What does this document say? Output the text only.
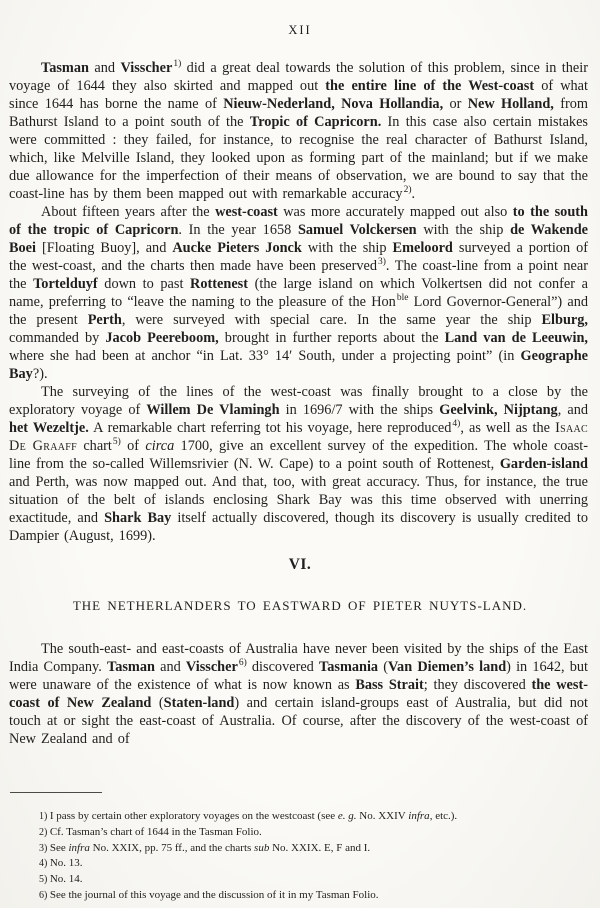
XII

Tasman and Visscher$^{1)}$ did a great deal towards the solution of this problem, since in their voyage of 1644 they also skirted and mapped out the entire line of the West-coast of what since 1644 has borne the name of Nieuw-Nederland, Nova Hollandia, or New Holland, from Bathurst Island to a point south of the Tropic of Capricorn. In this case also certain mistakes were committed : they failed, for instance, to recognise the real character of Bathurst Island, which, like Melville Island, they looked upon as forming part of the mainland; but if we make due allowance for the imperfection of their means of observation, we are bound to say that the coast-line has by them been mapped out with remarkable accuracy$^{2)}$.

About fifteen years after the west-coast was more accurately mapped out also to the south of the tropic of Capricorn. In the year 1658 Samuel Volckersen with the ship de Wakende Boei [Floating Buoy], and Aucke Pieters Jonck with the ship Emeloord surveyed a portion of the west-coast, and the charts then made have been preserved$^{3)}$. The coast-line from a point near the Tortelduyf down to past Rottenest (the large island on which Volkertsen did not confer a name, preferring to “leave the naming to the pleasure of the Hon$^{ble}$ Lord Governor-General”) and the present Perth, were surveyed with special care. In the same year the ship Elburg, commanded by Jacob Peereboom, brought in further reports about the Land van de Leeuwin, where she had been at anchor “in Lat. 33° 14′ South, under a projecting point” (in Geographe Bay?).

The surveying of the lines of the west-coast was finally brought to a close by the exploratory voyage of Willem De Vlamingh in 1696/7 with the ships Geelvink, Nijptang, and het Wezeltje. A remarkable chart referring tot his voyage, here reproduced$^{4)}$, as well as the Isaac De Graaff chart$^{5)}$ of circa 1700, give an excellent survey of the expedition. The whole coast-line from the so-called Willemsrivier (N. W. Cape) to a point south of Rottenest, Garden-island and Perth, was now mapped out. And that, too, with great accuracy. Thus, for instance, the true situation of the belt of islands enclosing Shark Bay was this time observed with unerring exactitude, and Shark Bay itself actually discovered, though its discovery is usually credited to Dampier (August, 1699).

VI.
THE NETHERLANDERS TO EASTWARD OF PIETER NUYTS-LAND.

The south-east- and east-coasts of Australia have never been visited by the ships of the East India Company. Tasman and Visscher$^{6)}$ discovered Tasmania (Van Diemen’s land) in 1642, but were unaware of the existence of what is now known as Bass Strait; they discovered the west-coast of New Zealand (Staten-land) and certain island-groups east of Australia, but did not touch at or sight the east-coast of Australia. Of course, after the discovery of the west-coast of New Zealand and of

1) I pass by certain other exploratory voyages on the westcoast (see e. g. No. XXIV infra, etc.).
2) Cf. Tasman’s chart of 1644 in the Tasman Folio.
3) See infra No. XXIX, pp. 75 ff., and the charts sub No. XXIX. E, F and I.
4) No. 13.
5) No. 14.
6) See the journal of this voyage and the discussion of it in my Tasman Folio.
